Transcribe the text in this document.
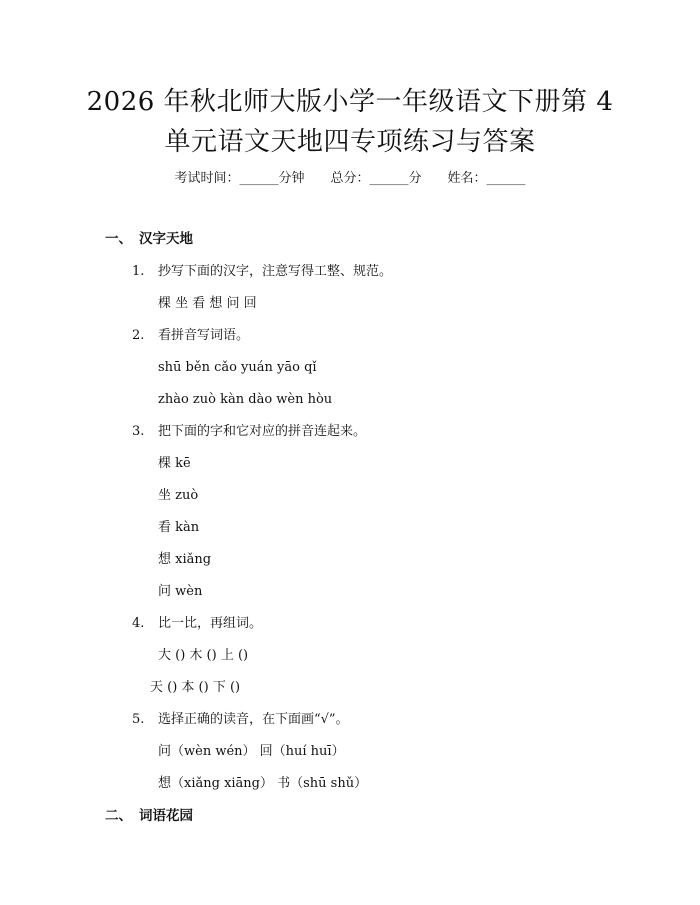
2026 年秋北师大版小学一年级语文下册第 4
单元语文天地四专项练习与答案
考试时间：______分钟 总分：______分 姓名：______
一、 汉字天地
1. 抄写下面的汉字，注意写得工整、规范。
棵 坐 看 想 问 回
2. 看拼音写词语。
shū běn cǎo yuán yāo qǐ
zhào zuò kàn dào wèn hòu
3. 把下面的字和它对应的拼音连起来。
棵 kē
坐 zuò
看 kàn
想 xiǎng
问 wèn
4. 比一比，再组词。
大 () 木 () 上 ()
天 () 本 () 下 ()
5. 选择正确的读音，在下面画“√”。
问（wèn wén） 回（huí huī）
想（xiǎng xiāng） 书（shū shǔ）
二、 词语花园
